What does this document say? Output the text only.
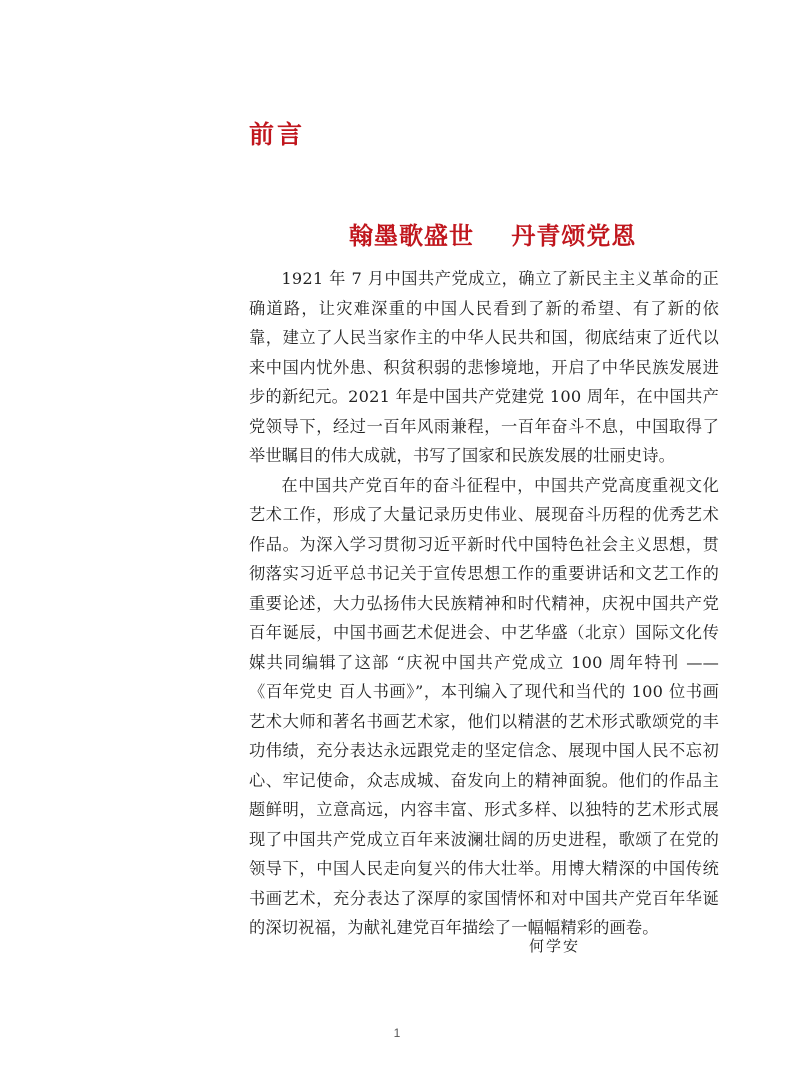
前言
翰墨歌盛世    丹青颂党恩

1921 年 7 月中国共产党成立，确立了新民主主义革命的正确道路，让灾难深重的中国人民看到了新的希望、有了新的依靠，建立了人民当家作主的中华人民共和国，彻底结束了近代以来中国内忧外患、积贫积弱的悲惨境地，开启了中华民族发展进步的新纪元。2021 年是中国共产党建党 100 周年，在中国共产党领导下，经过一百年风雨兼程，一百年奋斗不息，中国取得了举世瞩目的伟大成就，书写了国家和民族发展的壮丽史诗。

在中国共产党百年的奋斗征程中，中国共产党高度重视文化艺术工作，形成了大量记录历史伟业、展现奋斗历程的优秀艺术作品。为深入学习贯彻习近平新时代中国特色社会主义思想，贯彻落实习近平总书记关于宣传思想工作的重要讲话和文艺工作的重要论述，大力弘扬伟大民族精神和时代精神，庆祝中国共产党百年诞辰，中国书画艺术促进会、中艺华盛（北京）国际文化传媒共同编辑了这部 “庆祝中国共产党成立 100 周年特刊 ——《百年党史 百人书画》”，本刊编入了现代和当代的 100 位书画艺术大师和著名书画艺术家，他们以精湛的艺术形式歌颂党的丰功伟绩，充分表达永远跟党走的坚定信念、展现中国人民不忘初心、牢记使命，众志成城、奋发向上的精神面貌。他们的作品主题鲜明，立意高远，内容丰富、形式多样、以独特的艺术形式展现了中国共产党成立百年来波澜壮阔的历史进程，歌颂了在党的领导下，中国人民走向复兴的伟大壮举。用博大精深的中国传统书画艺术，充分表达了深厚的家国情怀和对中国共产党百年华诞的深切祝福，为献礼建党百年描绘了一幅幅精彩的画卷。

何学安

1
